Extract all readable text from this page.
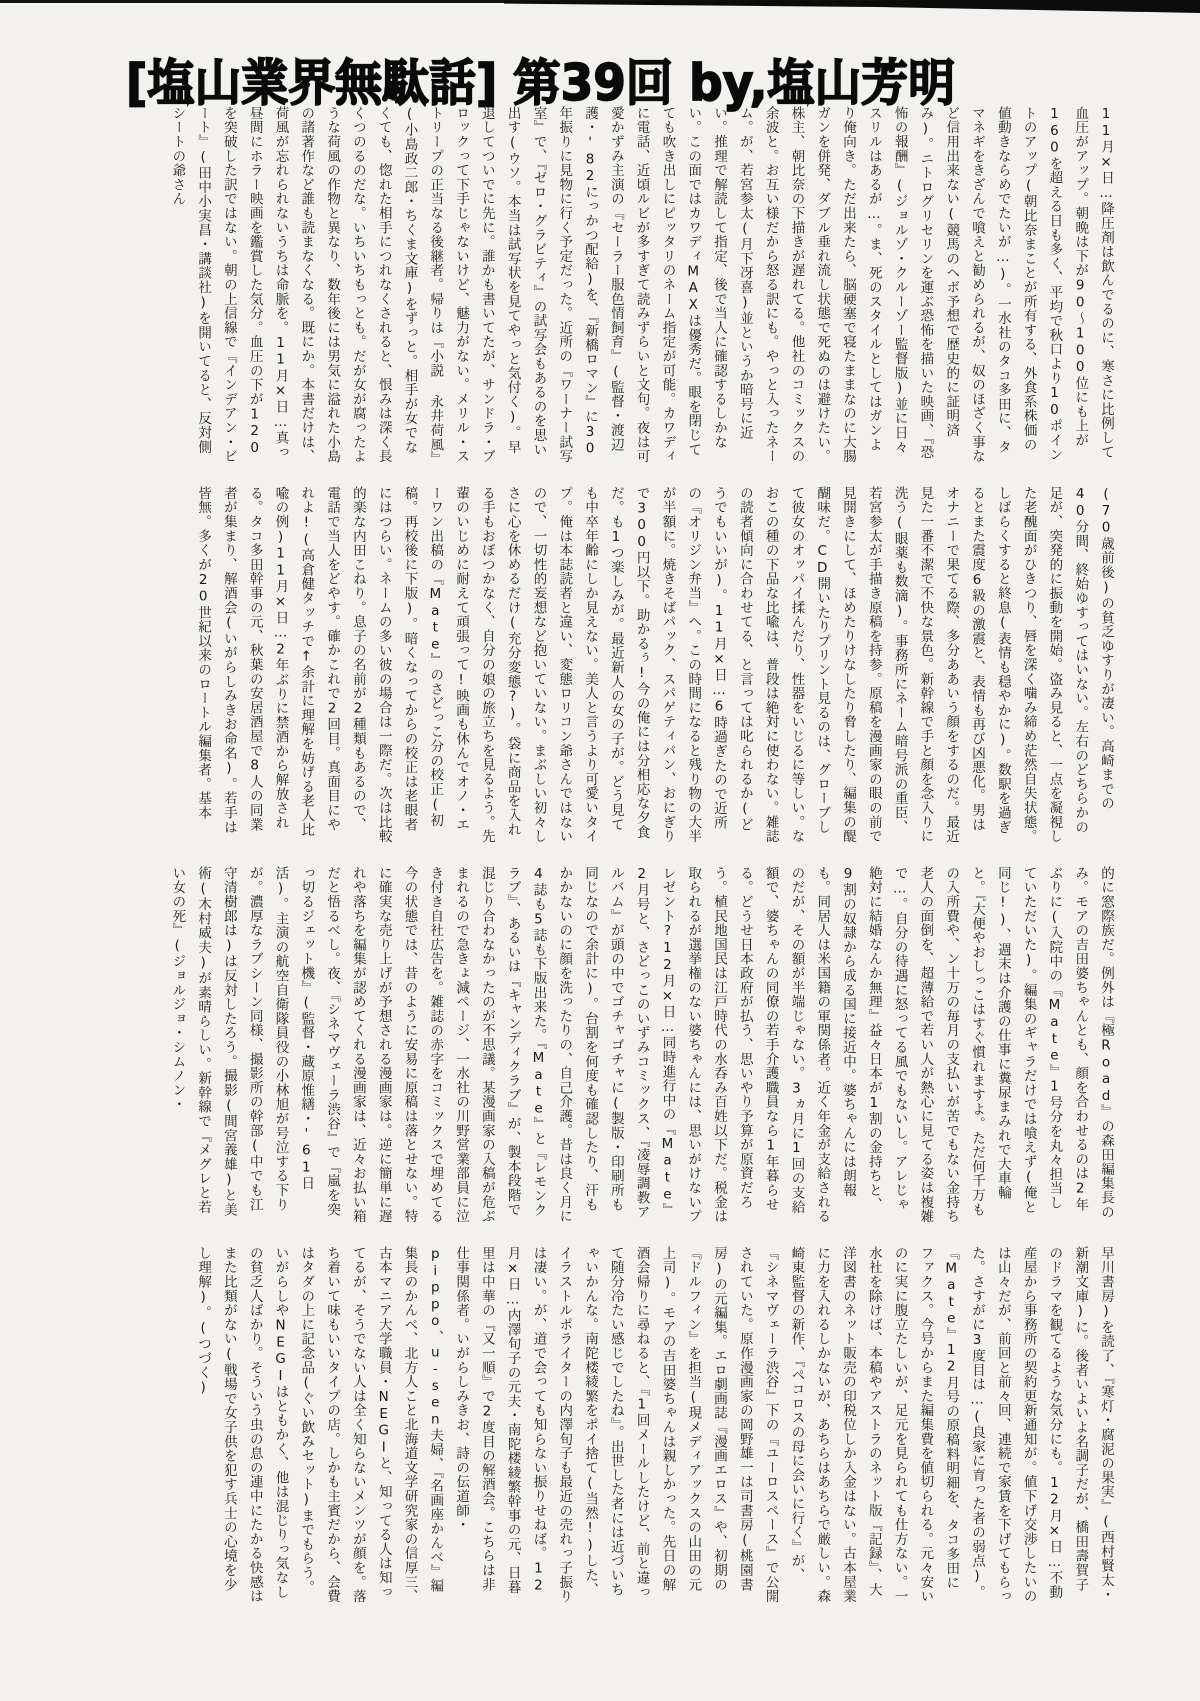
[塩山業界無駄話] 第39回 by,塩山芳明
11月×日…降圧剤は飲んでるのに、寒さに比例して血圧がアップ。朝晩は下が90〜100位にも上が160を超える日も多く、平均で秋口より10ポイントのアップ(朝比奈まことが所有する、外食系株価の値動きならめでたいが…)。一水社のタコ多田に、タマネギをきざんで喰えと勧められるが、奴のほざく事など信用出来ない(競馬のヘボ予想で歴史的に証明済み)。ニトログリセリンを運ぶ恐怖を描いた映画、『恐怖の報酬』(ジョルゾ・クルーゾー監督版)並に日々スリルはあるが…。ま、死のスタイルとしてはガンより俺向き。ただ出来たら、脳硬塞で寝たままなのに大腸ガンを併発、ダブル垂れ流し状態で死ぬのは避けたい。株主、朝比奈の下描きが遅れてる。他社のコミックスの余波と。お互い様だから怒る訳にも。やっと入ったネーム。が、若宮参太(月下冴喜)並というか暗号に近い。推理で解読して指定、後で当人に確認するしかない。この面ではカワディMAXは優秀だ。眼を閉じてても吹き出しにピッタリのネーム指定が可能。カワディに電話、近頃ルビが多すぎて読みずらいと文句。夜は可愛かずみ主演の『セーラー服色情飼育』(監督・渡辺護・'82にっかつ配給)を、『新橋ロマン』に30年振りに見物に行く予定だった。近所の『ワーナー試写室』で、『ゼロ・グラビティ』の試写会もあるのを思い出す(ウソ。本当は試写状を見てやっと気付く)。早退してついでに先に。誰かも書いてたが、サンドラ・ブロックって下手じゃないけど、魅力がない。メリル・ストリープの正当なる後継者。帰りは『小説 永井荷風』(小島政二郎・ちくま文庫)をずっと。相手が女でなくても、惚れた相手につれなくされると、恨みは深く長くつのるのだな。いちいちもっとも。だが女が腐ったような荷風の作物と異なり、数年後には男気に溢れた小島の諸著作など誰も読まなくなる。既にか。本書だけは、荷風が忘れられないうちは命脈を。11月×日…真っ昼間にホラー映画を鑑賞した気分。血圧の下が120を突破した訳ではない。朝の上信線で『インデアン・ビート』(田中小実昌・講談社)を開いてると、反対側シートの爺さん
(70歳前後)の貧乏ゆすりが凄い。高崎までの40分間、終始ゆすってはいない。左右のどちらかの足が、突発的に振動を開始。盗み見ると、一点を凝視した老醜面がひきつり、唇を深く噛み締め茫然自失状態。しばらくすると終息(表情も穏やかに)。数駅を過ぎるとまた震度6級の激震と、表情も再び凶悪化。男はオナニーで果てる際、多分ああいう顔をするのだ。最近見た一番不潔で不快な景色。新幹線で手と顔を念入りに洗う(眼薬も数滴)。事務所にネーム暗号派の重臣、若宮参太が手描き原稿を持参。原稿を漫画家の眼の前で見開きにして、ほめたりけなしたり脅したり、編集の醍醐味だ。CD開いたりプリント見るのは、グローブして彼女のオッパイ揉んだり、性器をいじるに等しい。なおこの種の下品な比喩は、普段は絶対に使わない。雑誌の読者傾向に合わせてる、と言っては叱られるか(どうでもいいが)。11月×日…6時過ぎたので近所の『オリジン弁当』へ。この時間になると残り物の大半が半額に。焼きそばパック、スパゲティパン、おにぎりで300円以下。助かるぅ!今の俺には分相応な夕食だ。も1つ楽しみが。最近新人の女の子が。どう見ても中卒年齢にしか見えない。美人と言うより可愛いタイプ。俺は本誌読者と違い、変態ロリコン爺さんではないので、一切性的妄想など抱いていない。まぶしい初々しさに心を休めるだけ(充分変態?)。袋に商品を入れる手もおぼつかなく、自分の娘の旅立ちを見るよう。先輩のいじめに耐えて頑張って!映画も休んでオノ・エーワン出稿の『Mate』のさどっこ分の校正(初稿。再校後に下版)。暗くなってからの校正は老眼者にはつらい。ネームの多い彼の場合は一際だ。次は比較的楽な内田こねり。息子の名前が2種類もあるので、電話で当人をどやす。確かこれで2回目。真面目にやれよ!(高倉健タッチで↑余計に理解を妨げる老人比喩の例)11月×日…2年ぶりに禁酒から解放される。タコ多田幹事の元、秋葉の安居酒屋で8人の同業者が集まり、解酒会(いがらしみきお命名)。若手は皆無。多くが20世紀以来のロートル編集者。基本
的に窓際族だ。例外は『極Road』の森田編集長のみ。モアの吉田婆ちゃんとも、顔を合わせるのは2年ぶりに(入院中の『Mate』1号分を丸々担当していただいた)。編集のギャラだけでは喰えず(俺と同じ!)、週末は介護の仕事に糞尿まみれで大車輪と。『大便やおしっこはすぐ慣れますよ。ただ何千万もの入所費や、ン十万の毎月の支払いが苦でもない金持ち老人の面倒を、超薄給で若い人が熱心に見てる姿は複雑で…。自分の待遇に怒ってる風でもないし。アレじゃ絶対に結婚なんか無理』益々日本が1割の金持ちと、9割の奴隷から成る国に接近中。婆ちゃんには朗報も。同居人は米国籍の軍関係者。近く年金が支給されるのだが、その額が半端じゃない。3ヵ月に1回の支給額で、婆ちゃんの同僚の若手介護職員なら1年暮らせる。どうせ日本政府が払う、思いやり予算が原資だろう。植民地国民は江戸時代の水呑み百姓以下だ。税金は取られるが選挙権のない婆ちゃんには、思いがけないプレゼント?12月×日…同時進行中の『Mate』2月号と、さどっこのいずみコミックス、『凌辱調教アルバム』が頭の中でゴチャゴチャに(製版・印刷所も同じなので余計に)。台割を何度も確認したり、汗もかかないのに顔を洗ったりの、自己介護。昔は良く月に4誌も5誌も下版出来た。『Mate』と『レモンクラブ』、あるいは『キャンディクラブ』が、製本段階で混じり合わなかったのが不思議。某漫画家の入稿が危ぶまれるので急きょ減ページ、一水社の川野営業部員に泣き付き自社広告を。雑誌の赤字をコミックスで埋めてる今の状態では、昔のように安易に原稿は落とせない。特に確実な売り上げが予想される漫画家は。逆に簡単に遅れや落ちを編集が認めてくれる漫画家は、近々お払い箱だと悟るべし。夜、『シネマヴェーラ渋谷』で『嵐を突っ切るジェット機』(監督・蔵原惟繕・'61日活)。主演の航空自衛隊員役の小林旭が号泣する下りが。濃厚なラブシーン同様、撮影所の幹部(中でも江守清樹郎は)は反対したろう。撮影(間宮義雄)と美術(木村威夫)が素晴らしい。新幹線で『メグレと若い女の死』(ジョルジョ・シムノン・
早川書房)を読了、『寒灯・腐泥の果実』(西村賢太・新潮文庫)に。後者いよいよ名調子だが、橋田壽賀子のドラマを観てるような気分にも。12月×日…不動産屋から事務所の契約更新通知が。値下げ交渉したいのは山々だが、前回と前々回、連続で家賃を下げてもらった。さすがに3度目は…(良家に育った者の弱点)。『Mate』12月号の原稿料明細を、タコ多田にファクス。今号からまた編集費を値切られる。元々安いのに実に腹立たしいが、足元を見られても仕方ない。一水社を除けば、本稿やアストラのネット版『記録』、大洋図書のネット販売の印税位しか入金はない。古本屋業に力を入れるしかないが、あちらはあちらで厳しい。森崎東監督の新作、『ペコロスの母に会いに行く』が、『シネマヴェーラ渋谷』下の『ユーロスペース』で公開されていた。原作漫画家の岡野雄一は司書房(桃園書房)の元編集。エロ劇画誌『漫画エロス』や、初期の『ドルフィン』を担当(現メディアックスの山田の元上司)。モアの吉田婆ちゃんは親しかった。先日の解酒会帰りに尋ねると、『1回メールしたけど、前と違って随分冷たい感じでしたね』。出世した者には近づいちゃいかんな。南陀楼綾繁をポイ捨て(当然!)した、イラストルポライターの内澤旬子も最近の売れっ子振りは凄い。が、道で会っても知らない振りせねば。12月×日…内澤旬子の元夫・南陀楼綾繁幹事の元、日暮里は中華の『又一順』で2度目の解酒会。こちらは非仕事関係者。いがらしみきお、詩の伝道師・pippo、u-sen夫婦、『名画座かんべ』編集長のかんべ、北方人こと北海道文学研究家の信厚三、古本マニア大学職員・NEGIと、知ってる人は知ってるが、そうでない人は全く知らないメンツが顔を。落ち着いて味もいいタイプの店。しかも主賓だから、会費はタダの上に記念品(ぐい飲みセット)までもらう。いがらしやNEGIはともかく、他は混じりっ気なしの貧乏人ばかり。そういう虫の息の連中にたかる快感はまた比類がない(戦場で女子供を犯す兵士の心境を少し理解)。(つづく)
